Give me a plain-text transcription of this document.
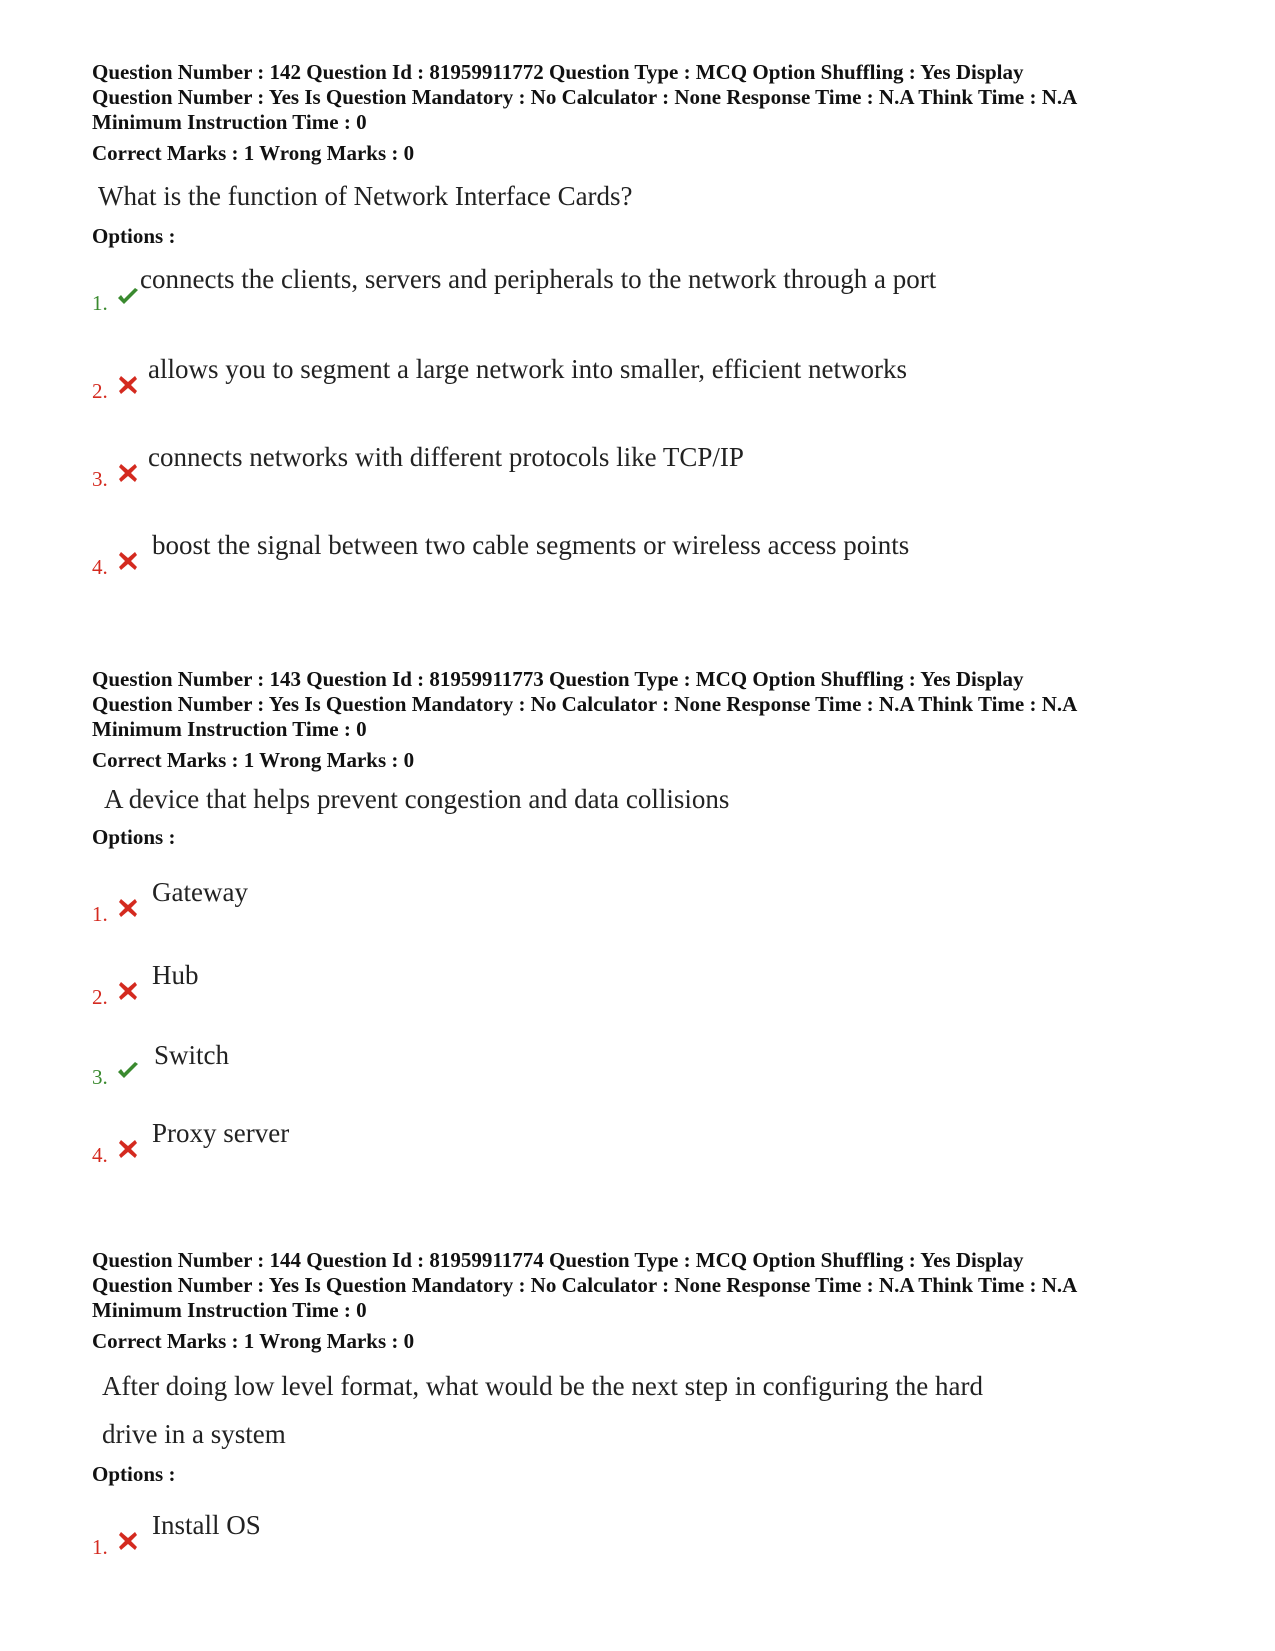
Question Number : 142 Question Id : 81959911772 Question Type : MCQ Option Shuffling : Yes Display
Question Number : Yes Is Question Mandatory : No Calculator : None Response Time : N.A Think Time : N.A
Minimum Instruction Time : 0
Correct Marks : 1 Wrong Marks : 0
What is the function of Network Interface Cards?
Options :
1.
connects the clients, servers and peripherals to the network through a port
2.
allows you to segment a large network into smaller, efficient networks
3.
connects networks with different protocols like TCP/IP
4.
boost the signal between two cable segments or wireless access points
Question Number : 143 Question Id : 81959911773 Question Type : MCQ Option Shuffling : Yes Display
Question Number : Yes Is Question Mandatory : No Calculator : None Response Time : N.A Think Time : N.A
Minimum Instruction Time : 0
Correct Marks : 1 Wrong Marks : 0
A device that helps prevent congestion and data collisions
Options :
1.
Gateway
2.
Hub
3.
Switch
4.
Proxy server
Question Number : 144 Question Id : 81959911774 Question Type : MCQ Option Shuffling : Yes Display
Question Number : Yes Is Question Mandatory : No Calculator : None Response Time : N.A Think Time : N.A
Minimum Instruction Time : 0
Correct Marks : 1 Wrong Marks : 0
After doing low level format, what would be the next step in configuring the hard
drive in a system
Options :
1.
Install OS
